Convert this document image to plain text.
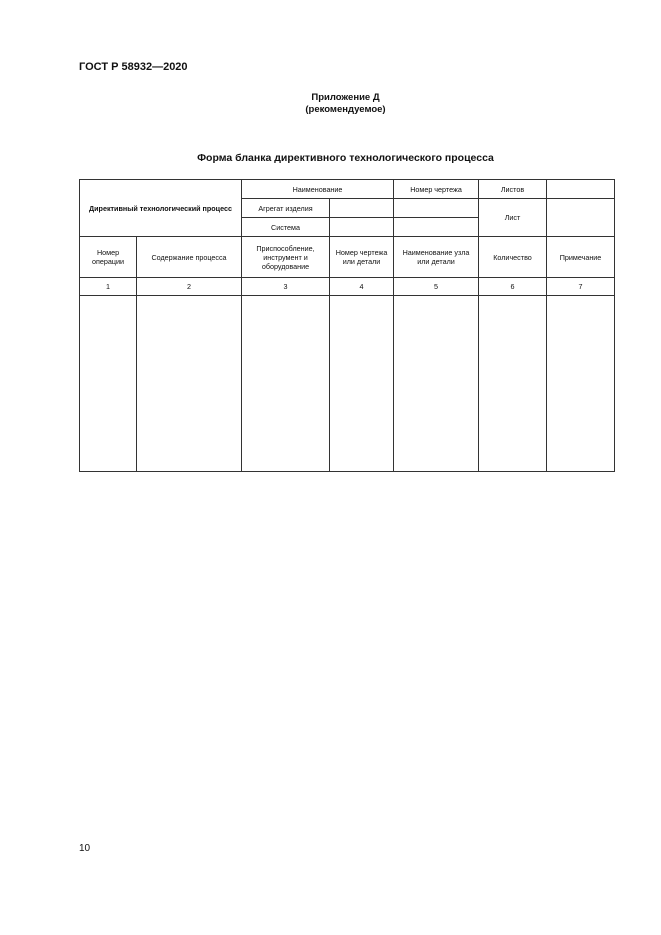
ГОСТ Р 58932—2020
Приложение Д
(рекомендуемое)
Форма бланка директивного технологического процесса
Директивный технологический процесс		Наименование		Номер чертежа	Листов	
		Агрегат изделия			Лист	
		Система				
Номер операции	Содержание процесса	Приспособление, инструмент и оборудование	Номер чертежа или детали	Наименование узла или детали	Количество	Примечание
1	2	3	4	5	6	7

10
